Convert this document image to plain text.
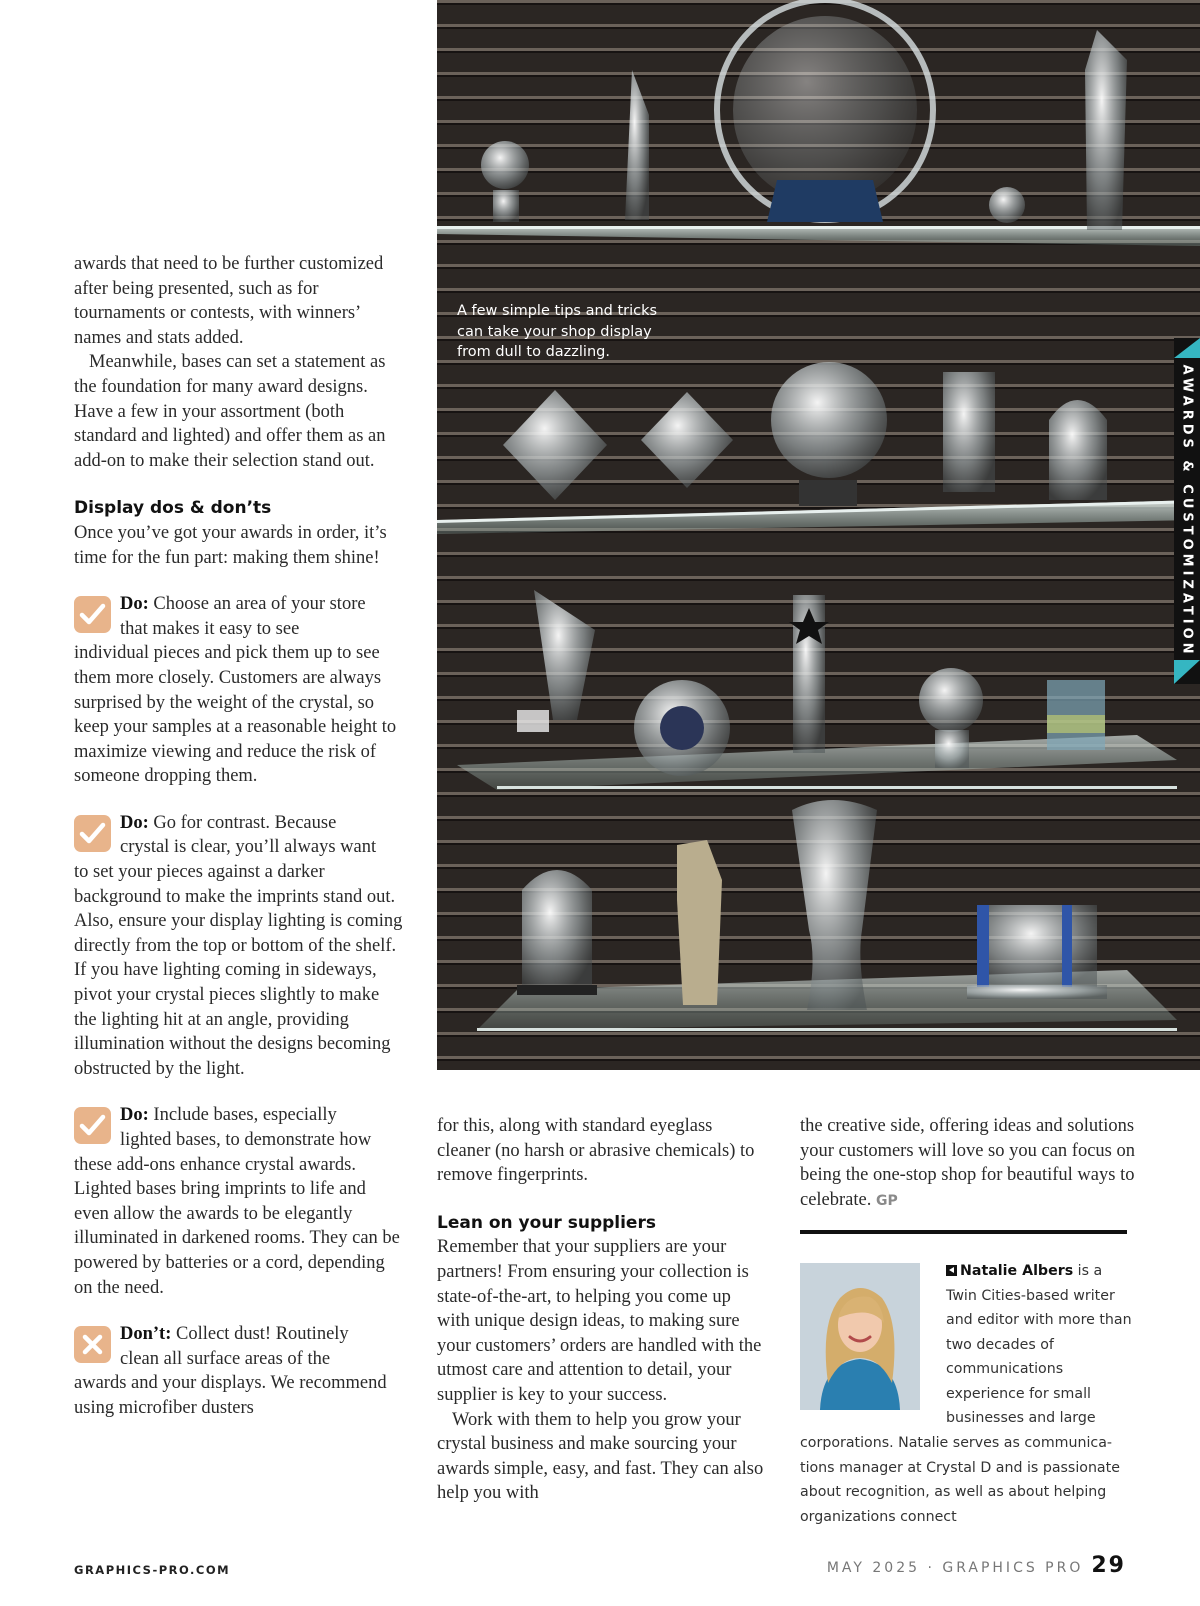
A few simple tips and tricks can take your shop display from dull to dazzling.
AWARDS & CUSTOMIZATION

awards that need to be further customized after being presented, such as for tournaments or contests, with winners’ names and stats added.

Meanwhile, bases can set a statement as the foundation for many award designs. Have a few in your assortment (both standard and lighted) and offer them as an add-on to make their selection stand out.

Display dos & don’ts

Once you’ve got your awards in order, it’s time for the fun part: making them shine!

Do: Choose an area of your store

that makes it easy to see

individual pieces and pick them up to see them more closely. Customers are always surprised by the weight of the crystal, so keep your samples at a reasonable height to maximize viewing and reduce the risk of someone dropping them.

Do: Go for contrast. Because

crystal is clear, you’ll always want

to set your pieces against a darker background to make the imprints stand out. Also, ensure your display lighting is coming directly from the top or bottom of the shelf. If you have lighting coming in sideways, pivot your crystal pieces slightly to make the lighting hit at an angle, providing illumination without the designs becoming obstructed by the light.

Do: Include bases, especially

lighted bases, to demonstrate how

these add-ons enhance crystal awards. Lighted bases bring imprints to life and even allow the awards to be elegantly illuminated in darkened rooms. They can be powered by batteries or a cord, depending on the need.

Don’t: Collect dust! Routinely

clean all surface areas of the

awards and your displays. We recommend using microfiber dusters

for this, along with standard eyeglass cleaner (no harsh or abrasive chemicals) to remove fingerprints.

Lean on your suppliers

Remember that your suppliers are your partners! From ensuring your collection is state-of-the-art, to helping you come up with unique design ideas, to making sure your customers’ orders are handled with the utmost care and attention to detail, your supplier is key to your success.

Work with them to help you grow your crystal business and make sourcing your awards simple, easy, and fast. They can also help you with

the creative side, offering ideas and solutions your customers will love so you can focus on being the one-stop shop for beautiful ways to celebrate. GP

Natalie Albers is a Twin Cities-based writer and editor with more than two decades of communications experience for small businesses and large
corporations. Natalie serves as communica-tions manager at Crystal D and is passionate about recognition, as well as about helping organizations connect
GRAPHICS-PRO.COM	MAY 2025 · GRAPHICS PRO 29
